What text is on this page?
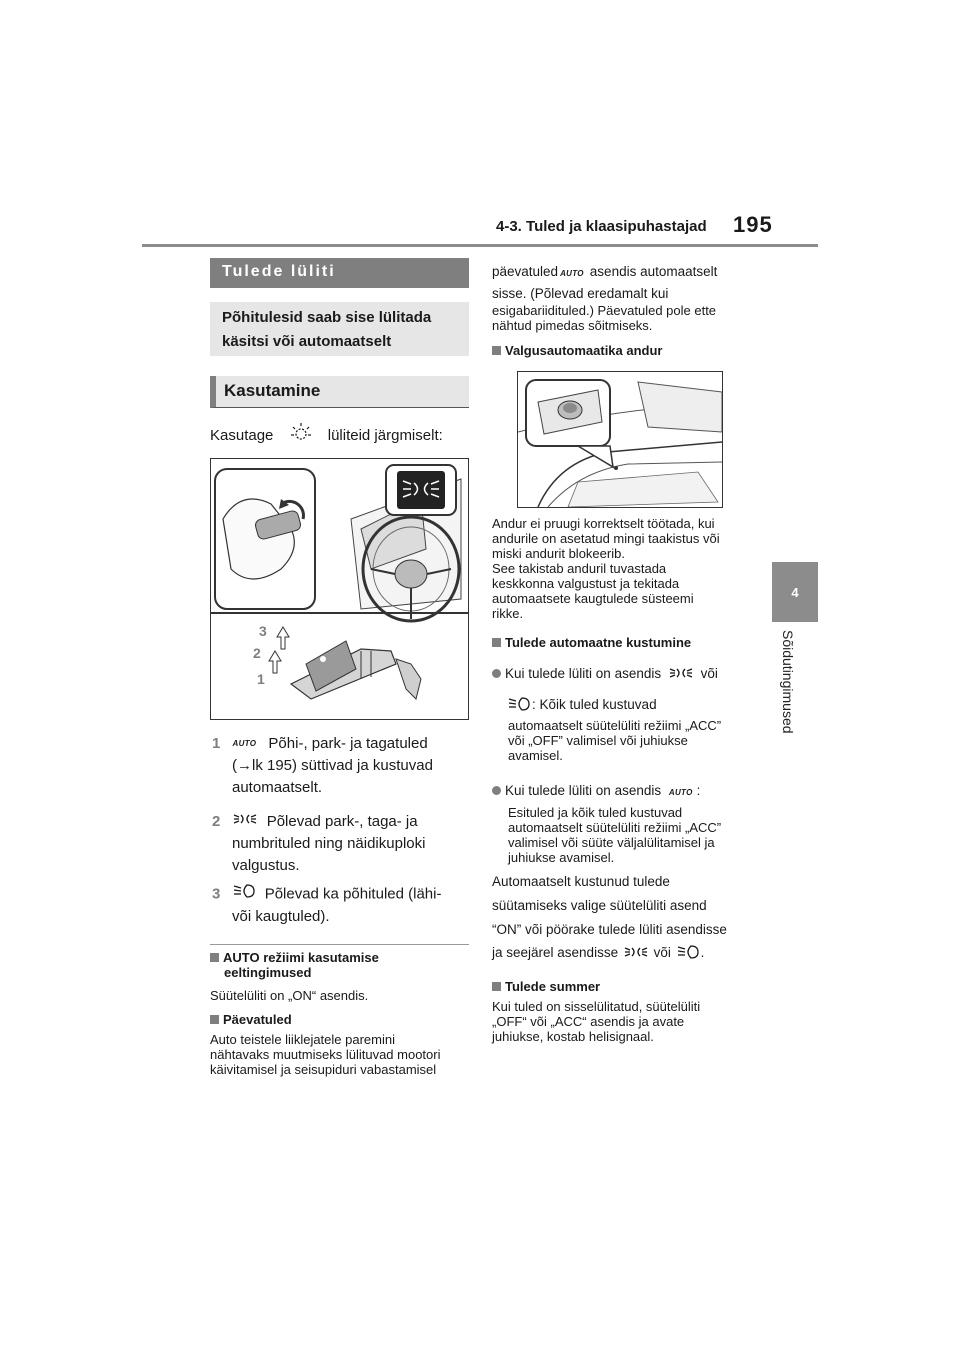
4-3. Tuled ja klaasipuhastajad 195
4
Sõidutingimused
Tulede lüliti
Põhitulesid saab sise lülitada käsitsi või automaatselt
Kasutamine
Kasutage	lüliteid järgmiselt:
3
2
1
1 AUTO Põhi-, park- ja tagatuled
(→lk 195) süttivad ja kustuvad
automaatselt.
2	Põlevad park-, taga- ja
numbrituled ning näidikuploki
valgustus.
3	Põlevad ka põhituled (lähi-
või kaugtuled).
AUTO režiimi kasutamise
eeltingimused
Süütelüliti on „ON“ asendis.
Päevatuled
Auto teistele liiklejatele paremini
nähtavaks muutmiseks lülituvad mootori
käivitamisel ja seisupiduri vabastamisel
päevatuled AUTO asendis automaatselt
sisse. (Põlevad eredamalt kui
esigabariidituled.) Päevatuled pole ette
nähtud pimedas sõitmiseks.
Valgusautomaatika andur
Andur ei pruugi korrektselt töötada, kui
andurile on asetatud mingi taakistus või
miski andurit blokeerib.
See takistab anduril tuvastada
keskkonna valgustust ja tekitada
automaatsete kaugtulede süsteemi
rikke.
Tulede automaatne kustumine
Kui tulede lüliti on asendis	või
: Kõik tuled kustuvad
automaatselt süütelüliti režiimi „ACC”
või „OFF” valimisel või juhiukse
avamisel.
Kui tulede lüliti on asendis AUTO :
Esituled ja kõik tuled kustuvad
automaatselt süütelüliti režiimi „ACC”
valimisel või süüte väljalülitamisel ja
juhiukse avamisel.
Automaatselt kustunud tulede
süütamiseks valige süütelüliti asend
“ON” või pöörake tulede lüliti asendisse
ja seejärel asendisse	või .
Tulede summer
Kui tuled on sisselülitatud, süütelüliti
„OFF“ või „ACC“ asendis ja avate
juhiukse, kostab helisignaal.
